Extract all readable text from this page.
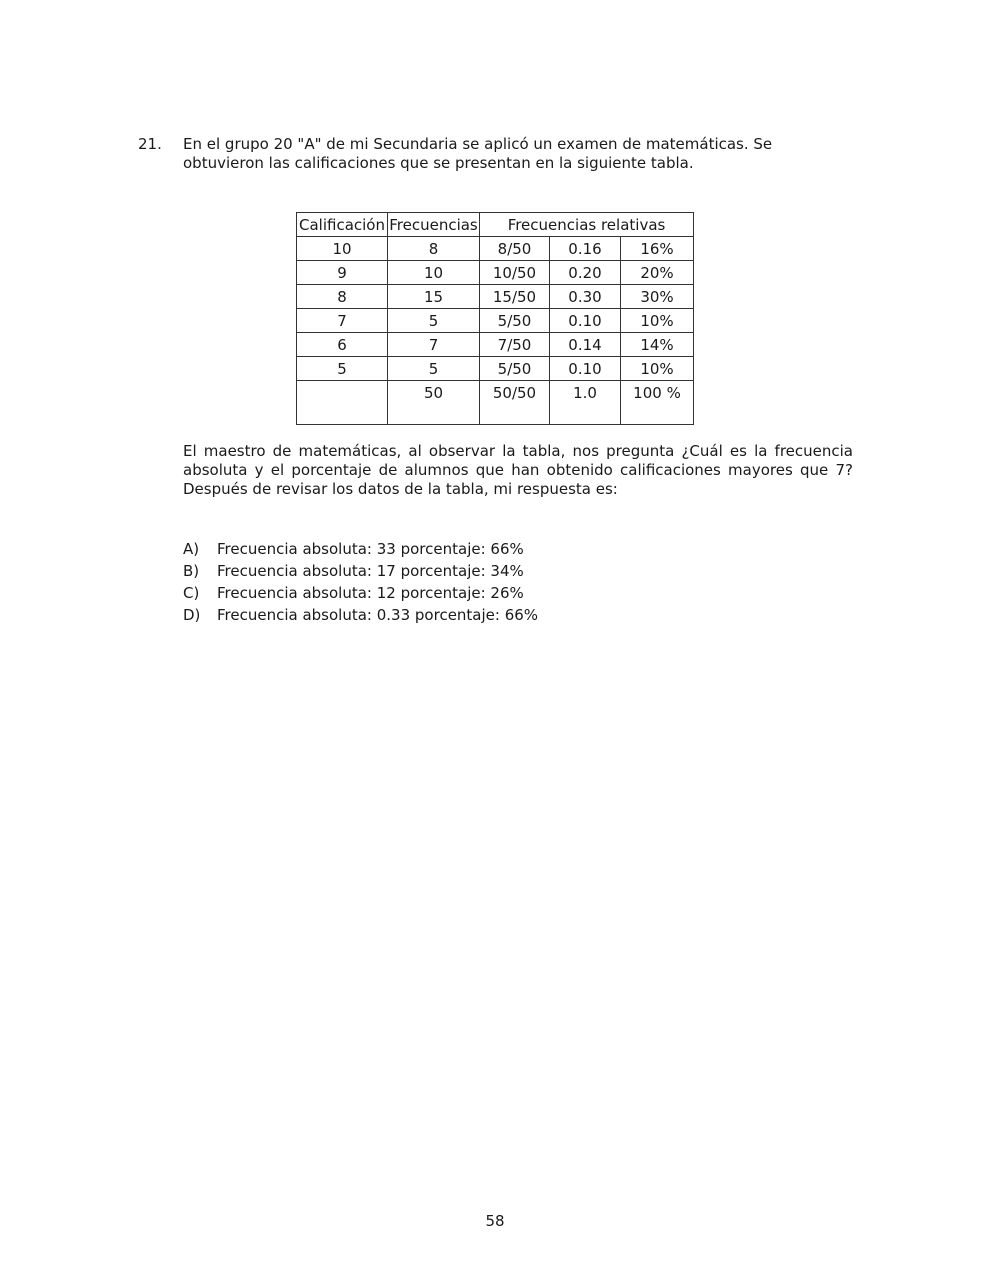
21. En el grupo 20 "A" de mi Secundaria se aplicó un examen de matemáticas. Se obtuvieron las calificaciones que se presentan en la siguiente tabla.

Calificación	Frecuencias	Frecuencias relativas		
10	8	8/50	0.16	16%
9	10	10/50	0.20	20%
8	15	15/50	0.30	30%
7	5	5/50	0.10	10%
6	7	7/50	0.14	14%
5	5	5/50	0.10	10%
	50	50/50	1.0	100 %

El maestro de matemáticas, al observar la tabla, nos pregunta ¿Cuál es la frecuencia absoluta y el porcentaje de alumnos que han obtenido calificaciones mayores que 7? Después de revisar los datos de la tabla, mi respuesta es:

A) Frecuencia absoluta: 33 porcentaje: 66%
B) Frecuencia absoluta: 17 porcentaje: 34%
C) Frecuencia absoluta: 12 porcentaje: 26%
D) Frecuencia absoluta: 0.33 porcentaje: 66%
58
